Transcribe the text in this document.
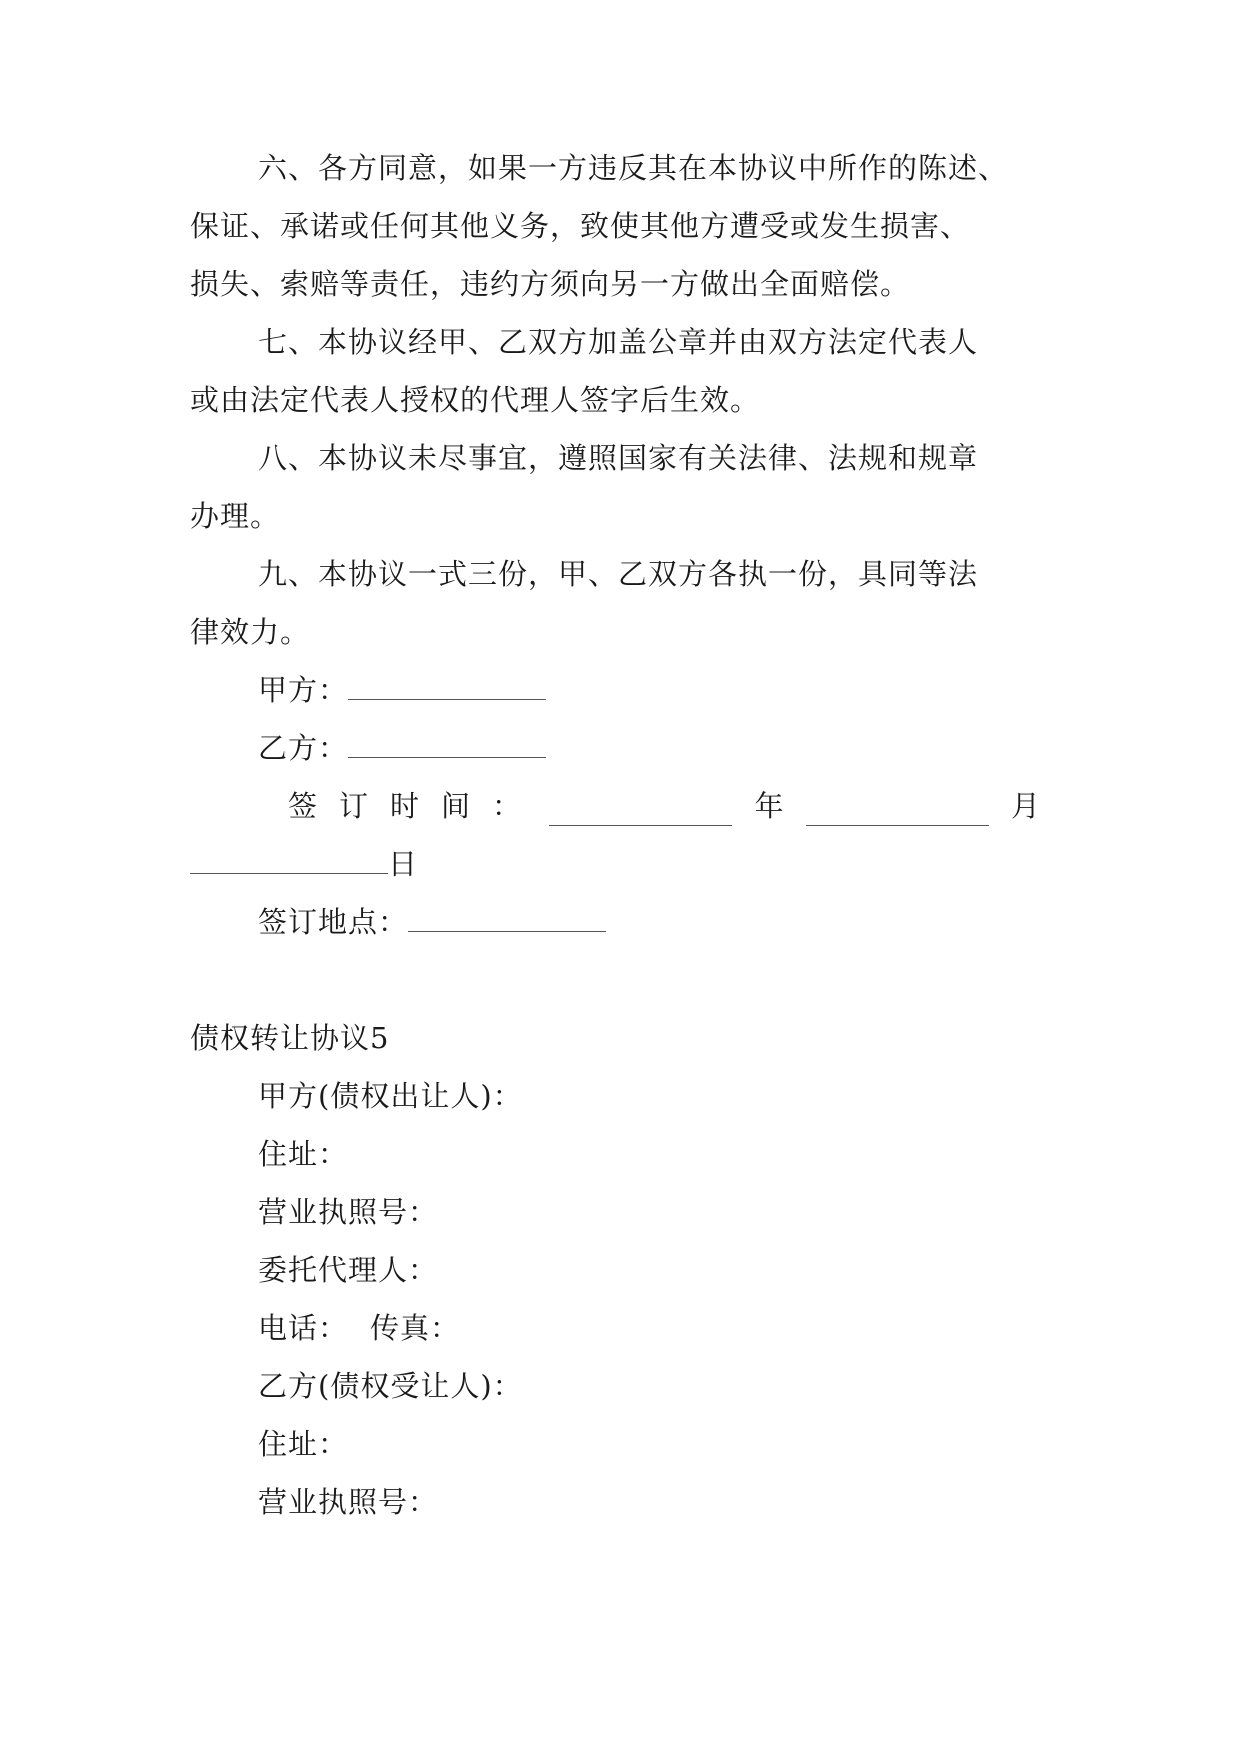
六、各方同意，如果一方违反其在本协议中所作的陈述、
保证、承诺或任何其他义务，致使其他方遭受或发生损害、
损失、索赔等责任，违约方须向另一方做出全面赔偿。
七、本协议经甲、乙双方加盖公章并由双方法定代表人
或由法定代表人授权的代理人签字后生效。
八、本协议未尽事宜，遵照国家有关法律、法规和规章
办理。
九、本协议一式三份，甲、乙双方各执一份，具同等法
律效力。
甲方：
乙方：
签订时间：	年	月
日
签订地点：
债权转让协议5
甲方(债权出让人)：
住址：
营业执照号：
委托代理人：
电话： 传真：
乙方(债权受让人)：
住址：
营业执照号：
